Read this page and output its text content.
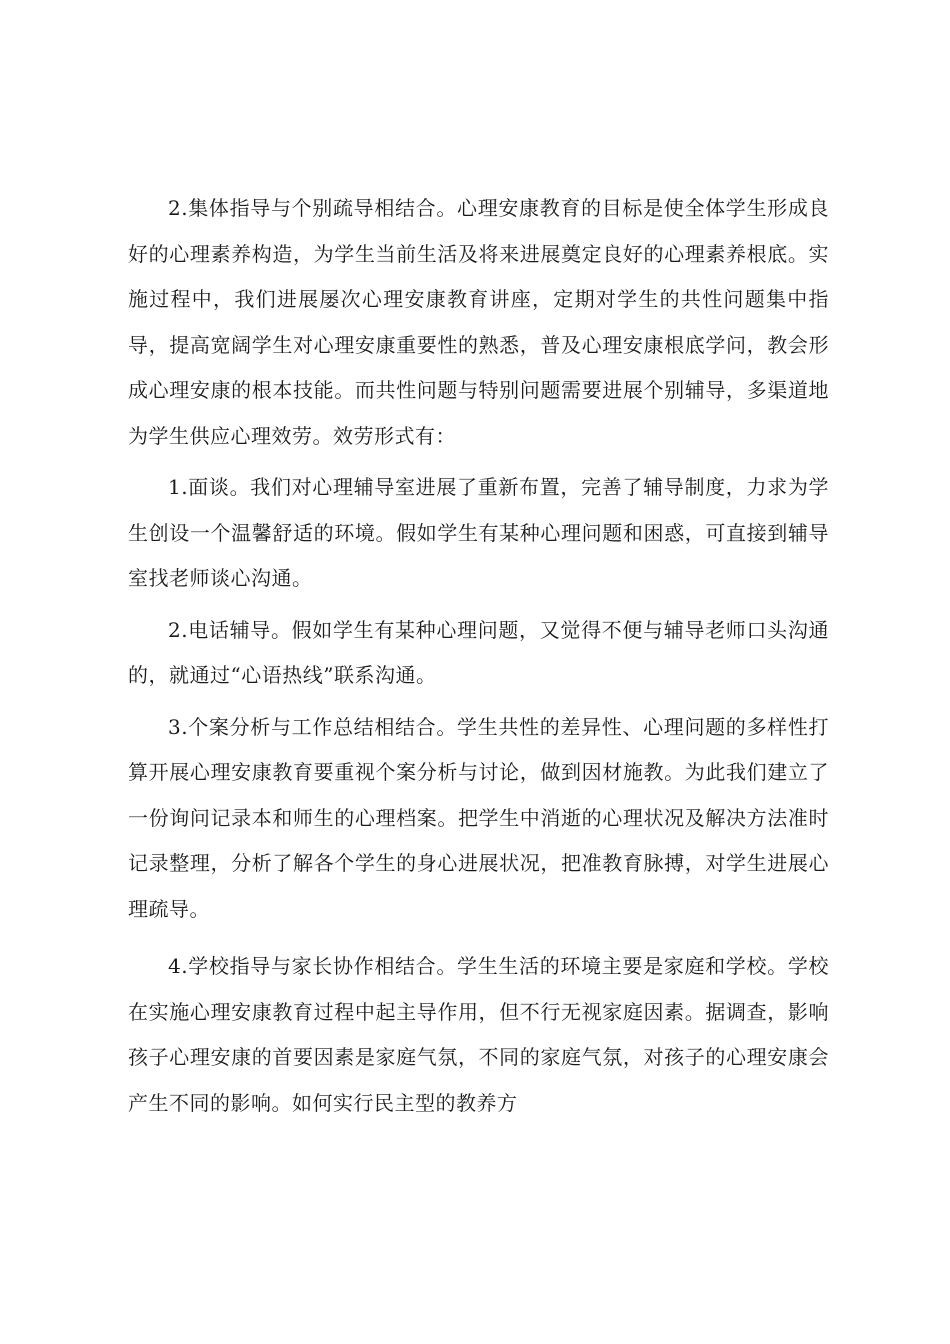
2.集体指导与个别疏导相结合。心理安康教育的目标是使全体学生形成良好的心理素养构造，为学生当前生活及将来进展奠定良好的心理素养根底。实施过程中，我们进展屡次心理安康教育讲座，定期对学生的共性问题集中指导，提高宽阔学生对心理安康重要性的熟悉，普及心理安康根底学问，教会形成心理安康的根本技能。而共性问题与特别问题需要进展个别辅导，多渠道地为学生供应心理效劳。效劳形式有：

1.面谈。我们对心理辅导室进展了重新布置，完善了辅导制度，力求为学生创设一个温馨舒适的环境。假如学生有某种心理问题和困惑，可直接到辅导室找老师谈心沟通。

2.电话辅导。假如学生有某种心理问题，又觉得不便与辅导老师口头沟通的，就通过“心语热线”联系沟通。

3.个案分析与工作总结相结合。学生共性的差异性、心理问题的多样性打算开展心理安康教育要重视个案分析与讨论，做到因材施教。为此我们建立了一份询问记录本和师生的心理档案。把学生中消逝的心理状况及解决方法准时记录整理，分析了解各个学生的身心进展状况，把准教育脉搏，对学生进展心理疏导。

4.学校指导与家长协作相结合。学生生活的环境主要是家庭和学校。学校在实施心理安康教育过程中起主导作用，但不行无视家庭因素。据调查，影响孩子心理安康的首要因素是家庭气氛，不同的家庭气氛，对孩子的心理安康会产生不同的影响。如何实行民主型的教养方
